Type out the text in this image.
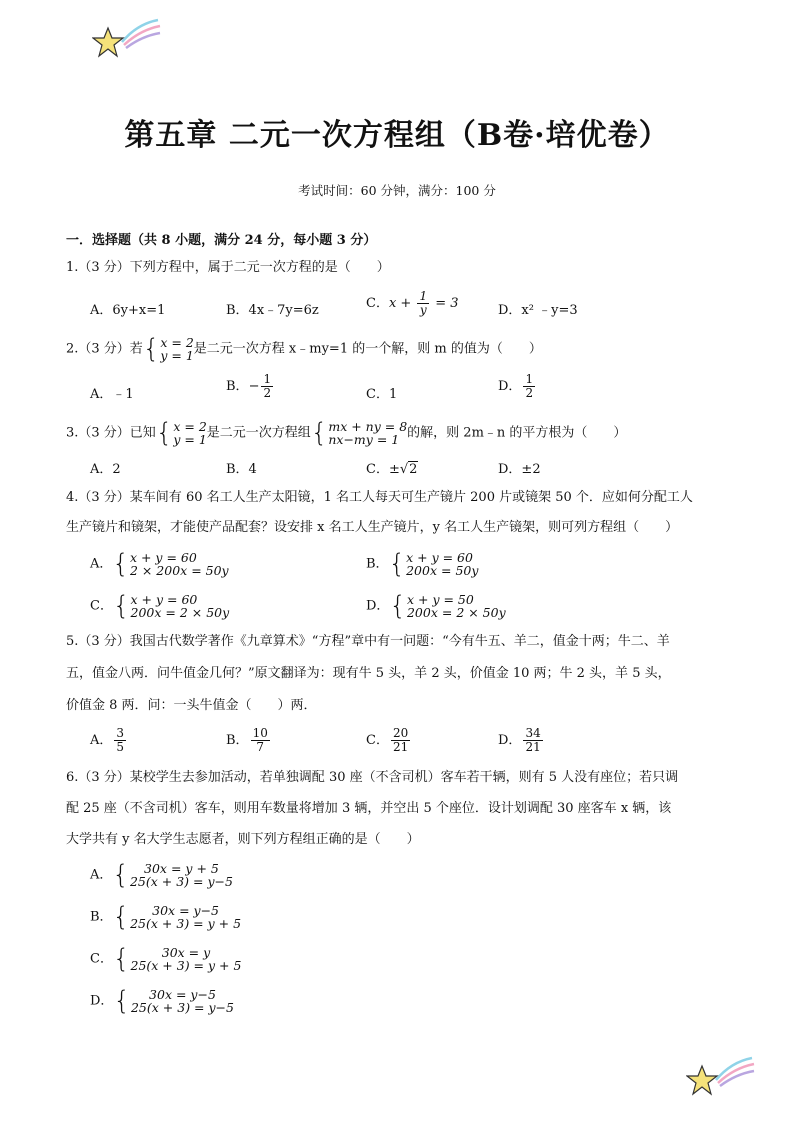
第五章 二元一次方程组（B卷·培优卷）
考试时间：60 分钟，满分：100 分
一．选择题（共 8 小题，满分 24 分，每小题 3 分）
1.（3 分）下列方程中，属于二元一次方程的是（　　）
A．6y+x=1	B．4x﹣7y=6z	C．$x + \frac{1}{y} = 3$	D．x² ﹣y=3
2.（3 分）若 { x = 2
y = 1 是二元一次方程 x﹣my=1 的一个解，则 m 的值为（　　）
A．﹣1
B．− $\frac{1}{2}$	C．1
D． $\frac{1}{2}$
3.（3 分）已知 { x = 2
y = 1 是二元一次方程组 { mx + ny = 8
nx−my = 1 的解，则 2m﹣n 的平方根为（　　）
A．2	B．4	C．±√2	D．±2
4.（3 分）某车间有 60 名工人生产太阳镜，1 名工人每天可生产镜片 200 片或镜架 50 个．应如何分配工人
生产镜片和镜架，才能使产品配套？设安排 x 名工人生产镜片，y 名工人生产镜架，则可列方程组（　　）
A． { x + y = 60
2 × 200x = 50y	B． { x + y = 60
200x = 50y
C． { x + y = 60
200x = 2 × 50y	D． { x + y = 50
200x = 2 × 50y
5.（3 分）我国古代数学著作《九章算术》“方程”章中有一问题：“今有牛五、羊二，值金十两；牛二、羊
五，值金八两．问牛值金几何？”原文翻译为：现有牛 5 头，羊 2 头，价值金 10 两；牛 2 头，羊 5 头，
价值金 8 两．问：一头牛值金（　　）两．
A． $\frac{3}{5}$	B． $\frac{10}{7}$	C． $\frac{20}{21}$	D． $\frac{34}{21}$
6.（3 分）某校学生去参加活动，若单独调配 30 座（不含司机）客车若干辆，则有 5 人没有座位；若只调
配 25 座（不含司机）客车，则用车数量将增加 3 辆，并空出 5 个座位．设计划调配 30 座客车 x 辆，该
大学共有 y 名大学生志愿者，则下列方程组正确的是（　　）
A． {	30x = y + 5
25(x + 3) = y−5
B． {	30x = y−5
25(x + 3) = y + 5
C． {	30x = y
25(x + 3) = y + 5
D． {	30x = y−5
25(x + 3) = y−5
